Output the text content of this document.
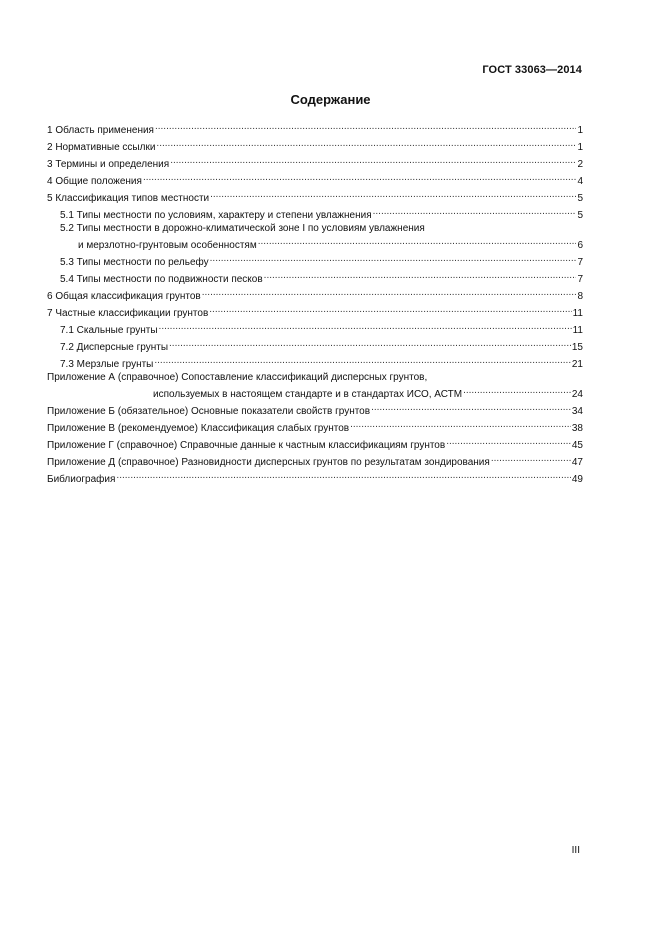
ГОСТ 33063—2014
Содержание
1 Область применения .....	1
2 Нормативные ссылки .....	1
3 Термины и определения .....	2
4 Общие положения .....	4
5 Классификация типов местности .....	5
5.1 Типы местности по условиям, характеру и степени увлажнения .....	5
5.2 Типы местности в дорожно-климатической зоне I по условиям увлажнения
и мерзлотно-грунтовым особенностям .....	6
5.3 Типы местности по рельефу .....	7
5.4 Типы местности по подвижности песков .....	7
6 Общая классификация грунтов .....	8
7 Частные классификации грунтов .....	11
7.1 Скальные грунты .....	11
7.2 Дисперсные грунты .....	15
7.3 Мерзлые грунты .....	21
Приложение А (справочное) Сопоставление классификаций дисперсных грунтов,
используемых в настоящем стандарте и в стандартах ИСО, АСТМ .....	24
Приложение Б (обязательное) Основные показатели свойств грунтов .....	34
Приложение В (рекомендуемое) Классификация слабых грунтов .....	38
Приложение Г (справочное) Справочные данные к частным классификациям грунтов .....	45
Приложение Д (справочное) Разновидности дисперсных грунтов по результатам зондирования .....	47
Библиография .....	49
III
